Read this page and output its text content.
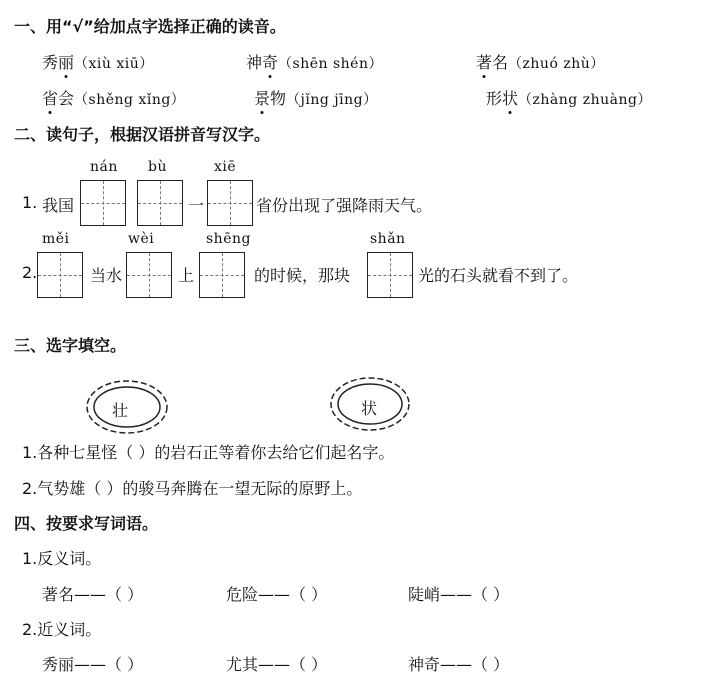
一、用“√”给加点字选择正确的读音。
秀丽（xiù xiū）	神奇（shēn shén）	著名（zhuó zhù）
省会（shěng xǐng）	景物（jǐng jīng）	形状（zhàng zhuàng）
二、读句子，根据汉语拼音写汉字。
nán bù	xiē
1. 我国	一	省份出现了强降雨天气。
měi	wèi	shēng	shǎn
2.	当水	上	的时候，那块	光的石头就看不到了。
三、选字填空。
壮	状
1.各种七星怪（ ）的岩石正等着你去给它们起名字。
2.气势雄（ ）的骏马奔腾在一望无际的原野上。
四、按要求写词语。
1.反义词。
著名——（ ）	危险——（ ）	陡峭——（ ）
2.近义词。
秀丽——（ ）	尤其——（ ）	神奇——（ ）
